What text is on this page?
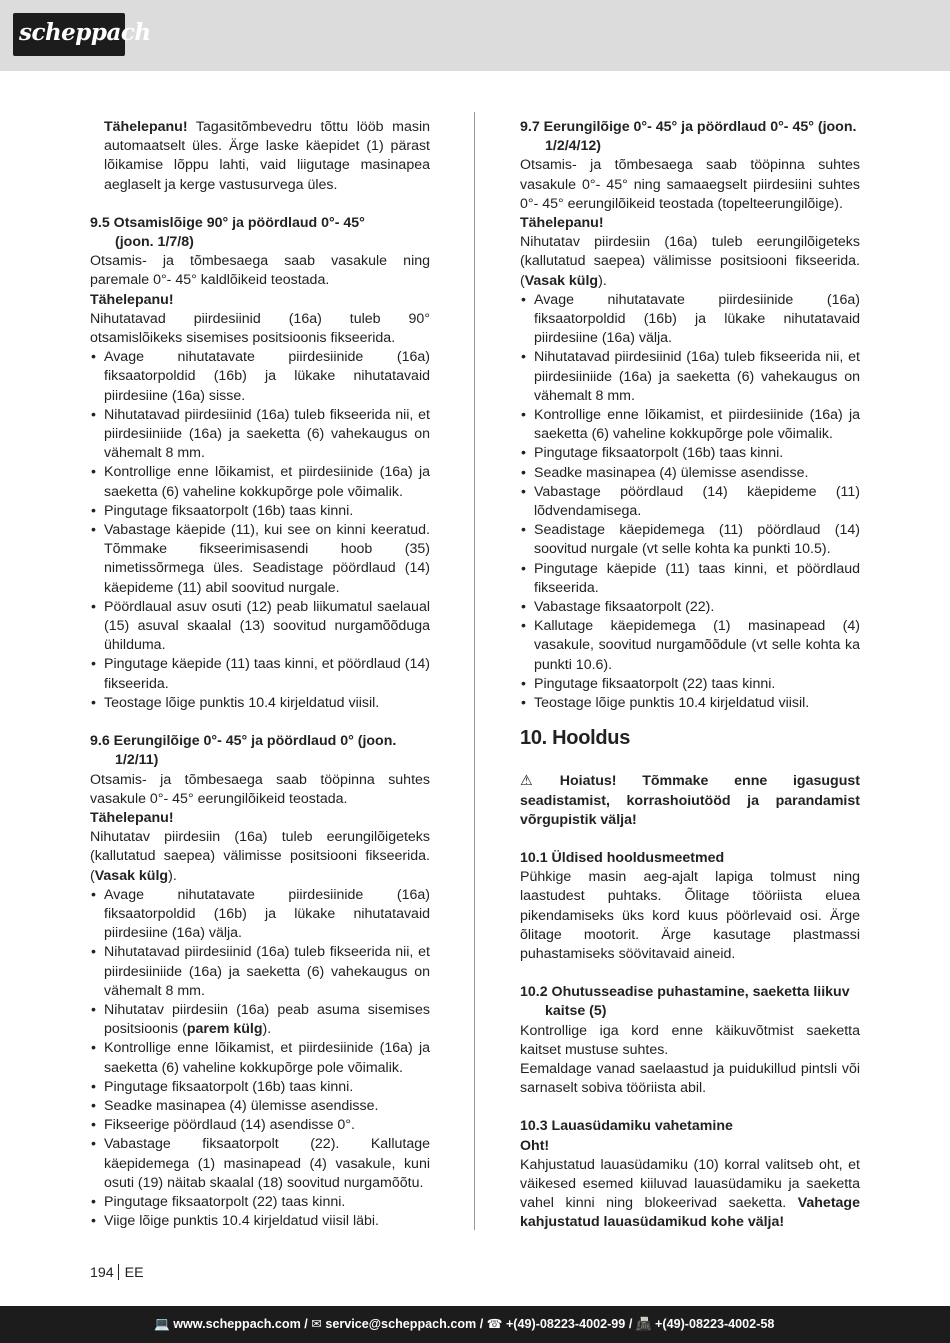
scheppach

Tähelepanu! Tagasitõmbevedru tõttu lööb masin automaatselt üles. Ärge laske käepidet (1) pärast lõikamise lõppu lahti, vaid liigutage masinapea aeglaselt ja kerge vastusurvega üles.

9.5 Otsamislõige 90° ja pöördlaud 0°- 45°
(joon. 1/7/8)

Otsamis- ja tõmbesaega saab vasakule ning paremale 0°- 45° kaldlõikeid teostada.

Tähelepanu!

Nihutatavad piirdesiinid (16a) tuleb 90° otsamislõikeks sisemises positsioonis fikseerida.

• Avage nihutatavate piirdesiinide (16a) fiksaatorpoldid (16b) ja lükake nihutatavaid piirdesiine (16a) sisse.
• Nihutatavad piirdesiinid (16a) tuleb fikseerida nii, et piirdesiiniide (16a) ja saeketta (6) vahekaugus on vähemalt 8 mm.
• Kontrollige enne lõikamist, et piirdesiinide (16a) ja saeketta (6) vaheline kokkupõrge pole võimalik.
• Pingutage fiksaatorpolt (16b) taas kinni.
• Vabastage käepide (11), kui see on kinni keeratud. Tõmmake fikseerimisasendi hoob (35) nimetissõrmega üles. Seadistage pöördlaud (14) käepideme (11) abil soovitud nurgale.
• Pöördlaual asuv osuti (12) peab liikumatul saelaual (15) asuval skaalal (13) soovitud nurgamõõduga ühilduma.
• Pingutage käepide (11) taas kinni, et pöördlaud (14) fikseerida.
• Teostage lõige punktis 10.4 kirjeldatud viisil.
9.6 Eerungilõige 0°- 45° ja pöördlaud 0° (joon.
1/2/11)

Otsamis- ja tõmbesaega saab tööpinna suhtes vasakule 0°- 45° eerungilõikeid teostada.

Tähelepanu!

Nihutatav piirdesiin (16a) tuleb eerungilõigeteks (kallutatud saepea) välimisse positsiooni fikseerida. (Vasak külg).

• Avage nihutatavate piirdesiinide (16a) fiksaatorpoldid (16b) ja lükake nihutatavaid piirdesiine (16a) välja.
• Nihutatavad piirdesiinid (16a) tuleb fikseerida nii, et piirdesiiniide (16a) ja saeketta (6) vahekaugus on vähemalt 8 mm.
• Nihutatav piirdesiin (16a) peab asuma sisemises positsioonis (parem külg).
• Kontrollige enne lõikamist, et piirdesiinide (16a) ja saeketta (6) vaheline kokkupõrge pole võimalik.
• Pingutage fiksaatorpolt (16b) taas kinni.
• Seadke masinapea (4) ülemisse asendisse.
• Fikseerige pöördlaud (14) asendisse 0°.
• Vabastage fiksaatorpolt (22). Kallutage käepidemega (1) masinapead (4) vasakule, kuni osuti (19) näitab skaalal (18) soovitud nurgamõõtu.
• Pingutage fiksaatorpolt (22) taas kinni.
• Viige lõige punktis 10.4 kirjeldatud viisil läbi.
9.7 Eerungilõige 0°- 45° ja pöördlaud 0°- 45° (joon.
1/2/4/12)

Otsamis- ja tõmbesaega saab tööpinna suhtes vasakule 0°- 45° ning samaaegselt piirdesiini suhtes 0°- 45° eerungilõikeid teostada (topelteerungilõige).

Tähelepanu!

Nihutatav piirdesiin (16a) tuleb eerungilõigeteks (kallutatud saepea) välimisse positsiooni fikseerida. (Vasak külg).

• Avage nihutatavate piirdesiinide (16a) fiksaatorpoldid (16b) ja lükake nihutatavaid piirdesiine (16a) välja.
• Nihutatavad piirdesiinid (16a) tuleb fikseerida nii, et piirdesiiniide (16a) ja saeketta (6) vahekaugus on vähemalt 8 mm.
• Kontrollige enne lõikamist, et piirdesiinide (16a) ja saeketta (6) vaheline kokkupõrge pole võimalik.
• Pingutage fiksaatorpolt (16b) taas kinni.
• Seadke masinapea (4) ülemisse asendisse.
• Vabastage pöördlaud (14) käepideme (11) lõdvendamisega.
• Seadistage käepidemega (11) pöördlaud (14) soovitud nurgale (vt selle kohta ka punkti 10.5).
• Pingutage käepide (11) taas kinni, et pöördlaud fikseerida.
• Vabastage fiksaatorpolt (22).
• Kallutage käepidemega (1) masinapead (4) vasakule, soovitud nurgamõõdule (vt selle kohta ka punkti 10.6).
• Pingutage fiksaatorpolt (22) taas kinni.
• Teostage lõige punktis 10.4 kirjeldatud viisil.
10. Hooldus

⚠ Hoiatus! Tõmmake enne igasugust seadistamist, korrashoiutööd ja parandamist võrgupistik välja!

10.1 Üldised hooldusmeetmed

Pühkige masin aeg-ajalt lapiga tolmust ning laastudest puhtaks. Õlitage tööriista eluea pikendamiseks üks kord kuus pöörlevaid osi. Ärge õlitage mootorit. Ärge kasutage plastmassi puhastamiseks söövitavaid aineid.

10.2 Ohutusseadise puhastamine, saeketta liikuv
kaitse (5)

Kontrollige iga kord enne käikuvõtmist saeketta kaitset mustuse suhtes.

Eemaldage vanad saelaastud ja puidukillud pintsli või sarnaselt sobiva tööriista abil.

10.3 Lauasüdamiku vahetamine

Oht!

Kahjustatud lauasüdamiku (10) korral valitseb oht, et väikesed esemed kiiluvad lauasüdamiku ja saeketta vahel kinni ning blokeerivad saeketta. Vahetage kahjustatud lauasüdamikud kohe välja!

194 EE
💻 www.scheppach.com / ✉ service@scheppach.com / ☎ +(49)-08223-4002-99 / 📠 +(49)-08223-4002-58
